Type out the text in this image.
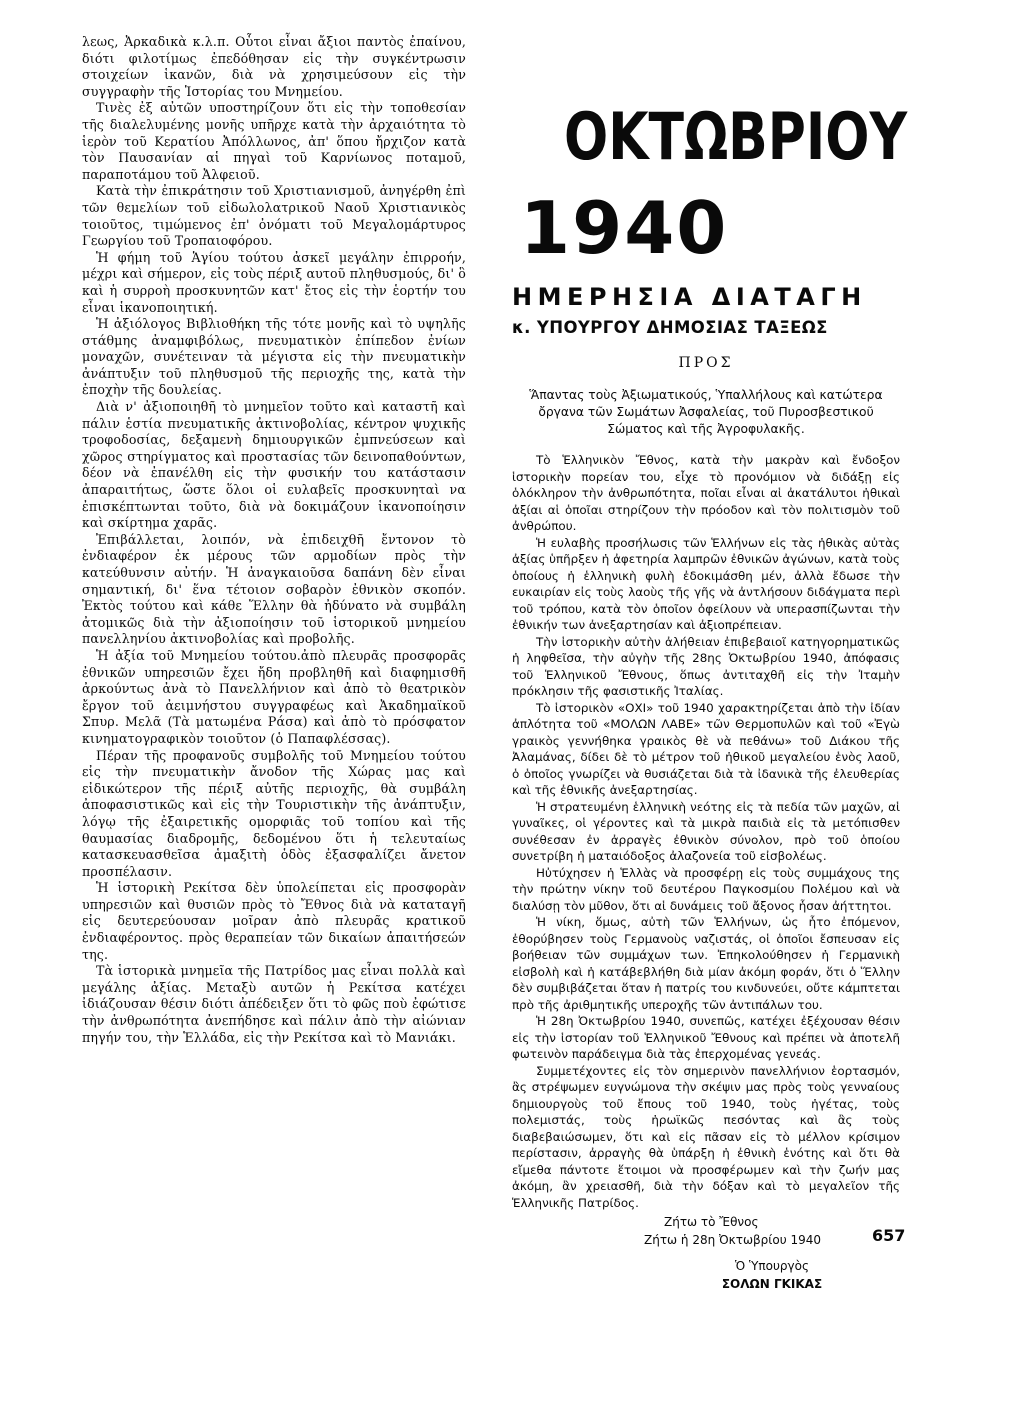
λεως, Ἀρκαδικὰ κ.λ.π. Οὗτοι εἶναι ἄξιοι παντὸς ἐπαίνου, διότι φιλοτίμως ἐπεδόθησαν εἰς τὴν συγκέντρωσιν στοιχείων ἱκανῶν, διὰ νὰ χρησιμεύσουν εἰς τὴν συγγραφὴν τῆς Ἱστορίας του Μνημείου.

Τινὲς ἐξ αὐτῶν υποστηρίζουν ὅτι εἰς τὴν τοποθεσίαν τῆς διαλελυμένης μονῆς υπῆρχε κατὰ τὴν ἀρχαιότητα τὸ ἱερὸν τοῦ Κερατίου Ἀπόλλωνος, ἀπ' ὅπου ἤρχιζον κατὰ τὸν Παυσανίαν αἱ πηγαὶ τοῦ Καρνίωνος ποταμοῦ, παραποτάμου τοῦ Ἀλφειοῦ.

Κατὰ τὴν ἐπικράτησιν τοῦ Χριστιανισμοῦ, ἀνηγέρθη ἐπὶ τῶν θεμελίων τοῦ εἰδωλολατρικοῦ Ναοῦ Χριστιανικὸς τοιοῦτος, τιμώμενος ἐπ' ὀνόματι τοῦ Μεγαλομάρτυρος Γεωργίου τοῦ Τροπαιοφόρου.

Ἡ φήμη τοῦ Ἁγίου τούτου ἀσκεῖ μεγάλην ἐπιρροήν, μέχρι καὶ σήμερον, εἰς τοὺς πέριξ αυτοῦ πληθυσμούς, δι' ὃ καὶ ἡ συρροὴ προσκυνητῶν κατ' ἔτος εἰς τὴν ἑορτήν του εἶναι ἱκανοποιητική.

Ἡ ἀξιόλογος Βιβλιοθήκη τῆς τότε μονῆς καὶ τὸ υψηλῆς στάθμης ἀναμφιβόλως, πνευματικὸν ἐπίπεδον ἐνίων μοναχῶν, συνέτειναν τὰ μέγιστα εἰς τὴν πνευματικὴν ἀνάπτυξιν τοῦ πληθυσμοῦ τῆς περιοχῆς της, κατὰ τὴν ἐποχὴν τῆς δουλείας.

Διὰ ν' ἀξιοποιηθῆ τὸ μνημεῖον τοῦτο καὶ καταστῆ καὶ πάλιν ἑστία πνευματικῆς ἀκτινοβολίας, κέντρον ψυχικῆς τροφοδοσίας, δεξαμενὴ δημιουργικῶν ἐμπνεύσεων καὶ χῶρος στηρίγματος καὶ προστασίας τῶν δεινοπαθούντων, δέον νὰ ἐπανέλθη εἰς τὴν φυσικήν του κατάστασιν ἀπαραιτήτως, ὥστε ὅλοι οἱ ευλαβεῖς προσκυνηταὶ να ἐπισκέπτωνται τοῦτο, διὰ νὰ δοκιμάζουν ἱκανοποίησιν καὶ σκίρτημα χαρᾶς.

Ἐπιβάλλεται, λοιπόν, νὰ ἐπιδειχθῆ ἔντονον τὸ ἐνδιαφέρον ἐκ μέρους τῶν αρμοδίων πρὸς τὴν κατεύθυνσιν αὐτήν. Ἡ ἀναγκαιοῦσα δαπάνη δὲν εἶναι σημαντική, δι' ἕνα τέτοιον σοβαρὸν ἐθνικὸν σκοπόν. Ἐκτὸς τούτου καὶ κάθε Ἕλλην θὰ ἠδύνατο νὰ συμβάλη ἀτομικῶς διὰ τὴν ἀξιοποίησιν τοῦ ἱστορικοῦ μνημείου πανελληνίου ἀκτινοβολίας καὶ προβολῆς.

Ἡ ἀξία τοῦ Μνημείου τούτου.ἀπὸ πλευρᾶς προσφορᾶς ἐθνικῶν υπηρεσιῶν ἔχει ἤδη προβληθῆ καὶ διαφημισθῆ ἀρκούντως ἀνὰ τὸ Πανελλήνιον καὶ ἀπὸ τὸ θεατρικὸν ἔργον τοῦ ἀειμνήστου συγγραφέως καὶ Ἀκαδημαϊκοῦ Σπυρ. Μελᾶ (Τὰ ματωμένα Ράσα) καὶ ἀπὸ τὸ πρόσφατον κινηματογραφικὸν τοιοῦτον (ὁ Παπαφλέσσας).

Πέραν τῆς προφανοῦς συμβολῆς τοῦ Μνημείου τούτου εἰς τὴν πνευματικὴν ἄνοδον τῆς Χώρας μας καὶ εἰδικώτερον τῆς πέριξ αὐτῆς περιοχῆς, θὰ συμβάλη ἀποφασιστικῶς καὶ εἰς τὴν Τουριστικὴν τῆς ἀνάπτυξιν, λόγῳ τῆς ἐξαιρετικῆς ομορφιᾶς τοῦ τοπίου καὶ τῆς θαυμασίας διαδρομῆς, δεδομένου ὅτι ἡ τελευταίως κατασκευασθεῖσα ἁμαξιτὴ ὁδὸς ἐξασφαλίζει ἄνετον προσπέλασιν.

Ἡ ἱστορικὴ Ρεκίτσα δὲν ὑπολείπεται εἰς προσφορὰν υπηρεσιῶν καὶ θυσιῶν πρὸς τὸ Ἔθνος διὰ νὰ καταταγῆ εἰς δευτερεύουσαν μοῖραν ἀπὸ πλευρᾶς κρατικοῦ ἐνδιαφέροντος. πρὸς θεραπείαν τῶν δικαίων ἀπαιτήσεών της.

Τὰ ἱστορικὰ μνημεῖα τῆς Πατρίδος μας εἶναι πολλὰ καὶ μεγάλης ἀξίας. Μεταξὺ αυτῶν ἡ Ρεκίτσα κατέχει ἰδιάζουσαν θέσιν διότι ἀπέδειξεν ὅτι τὸ φῶς ποὺ ἐφώτισε τὴν ἀνθρωπότητα ἀνεπήδησε καὶ πάλιν ἀπὸ τὴν αἰώνιαν πηγήν του, τὴν Ἑλλάδα, εἰς τὴν Ρεκίτσα καὶ τὸ Μανιάκι.

ΟΚΤΩΒΡΙΟΥ
1940
ΗΜΕΡΗΣΙΑ ΔΙΑΤΑΓΗ
κ. ΥΠΟΥΡΓΟΥ ΔΗΜΟΣΙΑΣ ΤΑΞΕΩΣ
ΠΡΟΣ
Ἅπαντας τοὺς Ἀξιωματικούς, Ὑπαλλήλους καὶ κατώτερα ὄργανα τῶν Σωμάτων Ἀσφαλείας, τοῦ Πυροσβεστικοῦ Σώματος καὶ τῆς Ἀγροφυλακῆς.

Τὸ Ἑλληνικὸν Ἔθνος, κατὰ τὴν μακρὰν καὶ ἔνδοξον ἱστορικὴν πορείαν του, εἶχε τὸ προνόμιον νὰ διδάξῃ εἰς ὁλόκληρον τὴν ἀνθρωπότητα, ποῖαι εἶναι αἱ ἀκατάλυτοι ἠθικαὶ ἀξίαι αἱ ὁποῖαι στηρίζουν τὴν πρόοδον καὶ τὸν πολιτισμὸν τοῦ ἀνθρώπου.

Ἡ ευλαβὴς προσήλωσις τῶν Ἑλλήνων εἰς τὰς ἠθικὰς αὐτὰς ἀξίας ὑπῆρξεν ἡ ἀφετηρία λαμπρῶν ἐθνικῶν ἀγώνων, κατὰ τοὺς ὁποίους ἡ ἑλληνικὴ φυλὴ ἐδοκιμάσθη μέν, ἀλλὰ ἔδωσε τὴν ευκαιρίαν εἰς τοὺς λαοὺς τῆς γῆς νὰ ἀντλήσουν διδάγματα περὶ τοῦ τρόπου, κατὰ τὸν ὁποῖον ὀφείλουν νὰ υπερασπίζωνται τὴν ἐθνικήν των ἀνεξαρτησίαν καὶ ἀξιοπρέπειαν.

Τὴν ἱστορικὴν αὐτὴν ἀλήθειαν ἐπιβεβαιοῖ κατηγορηματικῶς ἡ ληφθεῖσα, τὴν αὐγὴν τῆς 28ης Ὀκτωβρίου 1940, ἀπόφασις τοῦ Ἑλληνικοῦ Ἔθνους, ὅπως ἀντιταχθῆ εἰς τὴν Ἰταμὴν πρόκλησιν τῆς φασιστικῆς Ἰταλίας.

Τὸ ἱστορικὸν «ΟΧΙ» τοῦ 1940 χαρακτηρίζεται ἀπὸ τὴν ἰδίαν ἀπλότητα τοῦ «ΜΟΛΩΝ ΛΑΒΕ» τῶν Θερμοπυλῶν καὶ τοῦ «Ἐγὼ γραικὸς γεννήθηκα γραικὸς θὲ νὰ πεθάνω» τοῦ Διάκου τῆς Ἀλαμάνας, δίδει δὲ τὸ μέτρον τοῦ ἠθικοῦ μεγαλείου ἑνὸς λαοῦ, ὁ ὁποῖος γνωρίζει νὰ θυσιάζεται διὰ τὰ ἰδανικὰ τῆς ἐλευθερίας καὶ τῆς ἐθνικῆς ἀνεξαρτησίας.

Ἡ στρατευμένη ἑλληνικὴ νεότης εἰς τὰ πεδία τῶν μαχῶν, αἱ γυναῖκες, οἱ γέροντες καὶ τὰ μικρὰ παιδιὰ εἰς τὰ μετόπισθεν συνέθεσαν ἐν ἀρραγὲς ἐθνικὸν σύνολον, πρὸ τοῦ ὁποίου συνετρίβη ἡ ματαιόδοξος ἀλαζονεία τοῦ εἰσβολέως.

Ηὐτύχησεν ἡ Ἑλλὰς νὰ προσφέρῃ εἰς τοὺς συμμάχους της τὴν πρώτην νίκην τοῦ δευτέρου Παγκοσμίου Πολέμου καὶ νὰ διαλύσῃ τὸν μῦθον, ὅτι αἱ δυνάμεις τοῦ ἄξονος ἦσαν ἀήττητοι.

Ἡ νίκη, ὅμως, αὐτὴ τῶν Ἑλλήνων, ὡς ἦτο ἐπόμενον, ἐθορύβησεν τοὺς Γερμανοὺς ναζιστάς, οἱ ὁποῖοι ἔσπευσαν εἰς βοήθειαν τῶν συμμάχων των. Ἐπηκολούθησεν ἡ Γερμανικὴ εἰσβολὴ καὶ ἡ κατάβεβλήθη διὰ μίαν ἀκόμη φοράν, ὅτι ὁ Ἕλλην δὲν συμβιβάζεται ὅταν ἡ πατρίς του κινδυνεύει, οὔτε κάμπτεται πρὸ τῆς ἀριθμητικῆς υπεροχῆς τῶν ἀντιπάλων του.

Ἡ 28η Ὀκτωβρίου 1940, συνεπῶς, κατέχει ἐξέχουσαν θέσιν εἰς τὴν ἱστορίαν τοῦ Ἑλληνικοῦ Ἔθνους καὶ πρέπει νὰ ἀποτελῆ φωτεινὸν παράδειγμα διὰ τὰς ἐπερχομένας γενεάς.

Συμμετέχοντες εἰς τὸν σημερινὸν πανελλήνιον ἑορτασμόν, ἂς στρέψωμεν ευγνώμονα τὴν σκέψιν μας πρὸς τοὺς γενναίους δημιουργοὺς τοῦ ἔπους τοῦ 1940, τοὺς ἡγέτας, τοὺς πολεμιστάς, τοὺς ἡρωϊκῶς πεσόντας καὶ ἂς τοὺς διαβεβαιώσωμεν, ὅτι καὶ εἰς πᾶσαν εἰς τὸ μέλλον κρίσιμον περίστασιν, ἀρραγὴς θὰ ὑπάρξη ἡ ἐθνικὴ ἑνότης καὶ ὅτι θὰ εἴμεθα πάντοτε ἕτοιμοι νὰ προσφέρωμεν καὶ τὴν ζωήν μας ἀκόμη, ἂν χρειασθῆ, διὰ τὴν δόξαν καὶ τὸ μεγαλεῖον τῆς Ἑλληνικῆς Πατρίδος.

Ζήτω τὸ Ἔθνος
Ζήτω ἡ 28η Ὀκτωβρίου 1940
Ὁ Ὑπουργὸς
ΣΟΛΩΝ ΓΚΙΚΑΣ
657
